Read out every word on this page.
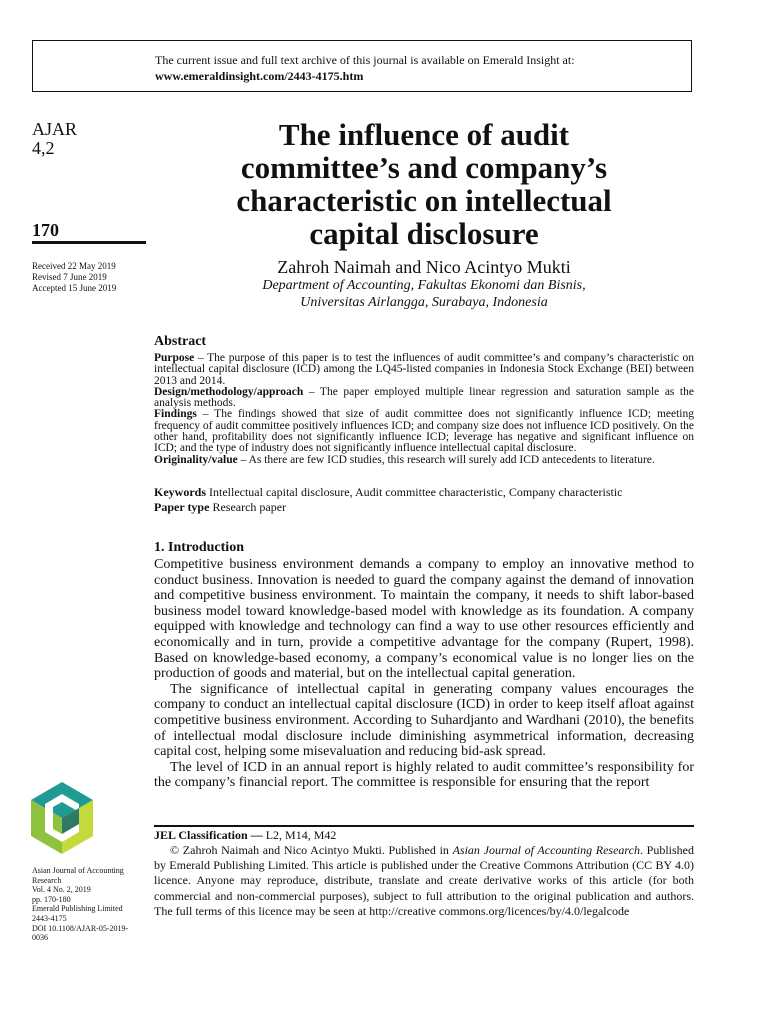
The current issue and full text archive of this journal is available on Emerald Insight at:
www.emeraldinsight.com/2443-4175.htm
AJAR
4,2
170
Received 22 May 2019
Revised 7 June 2019
Accepted 15 June 2019
The influence of audit
committee’s and company’s
characteristic on intellectual
capital disclosure
Zahroh Naimah and Nico Acintyo Mukti
Department of Accounting, Fakultas Ekonomi dan Bisnis,
Universitas Airlangga, Surabaya, Indonesia
Abstract
Purpose – The purpose of this paper is to test the influences of audit committee’s and company’s characteristic on intellectual capital disclosure (ICD) among the LQ45-listed companies in Indonesia Stock Exchange (BEI) between 2013 and 2014.
Design/methodology/approach – The paper employed multiple linear regression and saturation sample as the analysis methods.
Findings – The findings showed that size of audit committee does not significantly influence ICD; meeting frequency of audit committee positively influences ICD; and company size does not influence ICD positively. On the other hand, profitability does not significantly influence ICD; leverage has negative and significant influence on ICD; and the type of industry does not significantly influence intellectual capital disclosure.
Originality/value – As there are few ICD studies, this research will surely add ICD antecedents to literature.
Keywords Intellectual capital disclosure, Audit committee characteristic, Company characteristic
Paper type Research paper
1. Introduction

Competitive business environment demands a company to employ an innovative method to conduct business. Innovation is needed to guard the company against the demand of innovation and competitive business environment. To maintain the company, it needs to shift labor-based business model toward knowledge-based model with knowledge as its foundation. A company equipped with knowledge and technology can find a way to use other resources efficiently and economically and in turn, provide a competitive advantage for the company (Rupert, 1998). Based on knowledge-based economy, a company’s economical value is no longer lies on the production of goods and material, but on the intellectual capital generation.

The significance of intellectual capital in generating company values encourages the company to conduct an intellectual capital disclosure (ICD) in order to keep itself afloat against competitive business environment. According to Suhardjanto and Wardhani (2010), the benefits of intellectual modal disclosure include diminishing asymmetrical information, decreasing capital cost, helping some misevaluation and reducing bid-ask spread.

The level of ICD in an annual report is highly related to audit committee’s responsibility for the company’s financial report. The committee is responsible for ensuring that the report

Asian Journal of Accounting
Research
Vol. 4 No. 2, 2019
pp. 170-180
Emerald Publishing Limited
2443-4175
DOI 10.1108/AJAR-05-2019-0036
JEL Classification — L2, M14, M42
© Zahroh Naimah and Nico Acintyo Mukti. Published in Asian Journal of Accounting Research. Published by Emerald Publishing Limited. This article is published under the Creative Commons Attribution (CC BY 4.0) licence. Anyone may reproduce, distribute, translate and create derivative works of this article (for both commercial and non-commercial purposes), subject to full attribution to the original publication and authors. The full terms of this licence may be seen at http://creative commons.org/licences/by/4.0/legalcode
